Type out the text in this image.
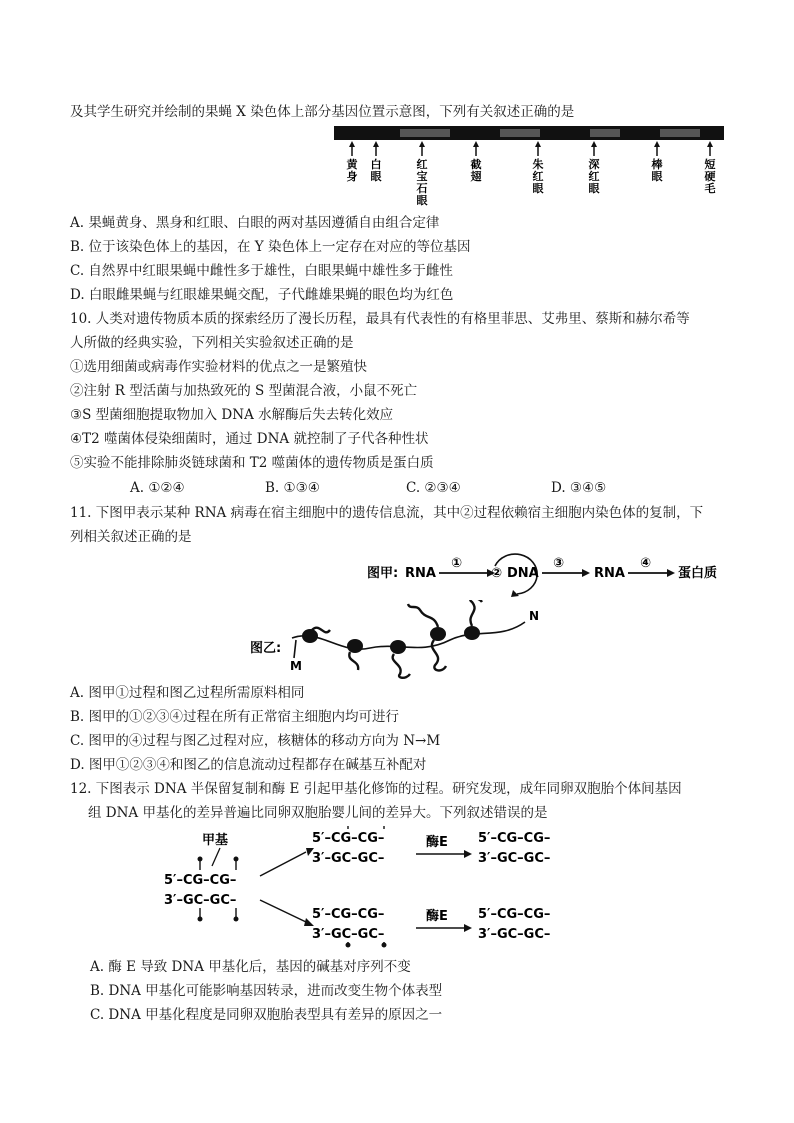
及其学生研究并绘制的果蝇 X 染色体上部分基因位置示意图，下列有关叙述正确的是
黄身
白眼
红宝石眼
截翅
朱红眼
深红眼
棒眼
短硬毛
A. 果蝇黄身、黑身和红眼、白眼的两对基因遵循自由组合定律
B. 位于该染色体上的基因，在 Y 染色体上一定存在对应的等位基因
C. 自然界中红眼果蝇中雌性多于雄性，白眼果蝇中雄性多于雌性
D. 白眼雌果蝇与红眼雄果蝇交配，子代雌雄果蝇的眼色均为红色
10. 人类对遗传物质本质的探索经历了漫长历程，最具有代表性的有格里菲思、艾弗里、蔡斯和赫尔希等
人所做的经典实验，下列相关实验叙述正确的是
①选用细菌或病毒作实验材料的优点之一是繁殖快
②注射 R 型活菌与加热致死的 S 型菌混合液，小鼠不死亡
③S 型菌细胞提取物加入 DNA 水解酶后失去转化效应
④T2 噬菌体侵染细菌时，通过 DNA 就控制了子代各种性状
⑤实验不能排除肺炎链球菌和 T2 噬菌体的遗传物质是蛋白质
A. ①②④	B. ①③④	C. ②③④	D. ③④⑤
11. 下图甲表示某种 RNA 病毒在宿主细胞中的遗传信息流，其中②过程依赖宿主细胞内染色体的复制，下
列相关叙述正确的是
图甲: RNA
①
② DNA
③
RNA
④
蛋白质
图乙:
N
M
A. 图甲①过程和图乙过程所需原料相同
B. 图甲的①②③④过程在所有正常宿主细胞内均可进行
C. 图甲的④过程与图乙过程对应，核糖体的移动方向为 N→M
D. 图甲①②③④和图乙的信息流动过程都存在碱基互补配对
12. 下图表示 DNA 半保留复制和酶 E 引起甲基化修饰的过程。研究发现，成年同卵双胞胎个体间基因
组 DNA 甲基化的差异普遍比同卵双胞胎婴儿间的差异大。下列叙述错误的是
甲基
5′–CG–CG–
3′–GC–GC–
5′–CG–CG–
3′–GC–GC–
5′–CG–CG–
3′–GC–GC–
酶E
酶E
5′–CG–CG–
3′–GC–GC–
5′–CG–CG–
3′–GC–GC–
A. 酶 E 导致 DNA 甲基化后，基因的碱基对序列不变
B. DNA 甲基化可能影响基因转录，进而改变生物个体表型
C. DNA 甲基化程度是同卵双胞胎表型具有差异的原因之一
